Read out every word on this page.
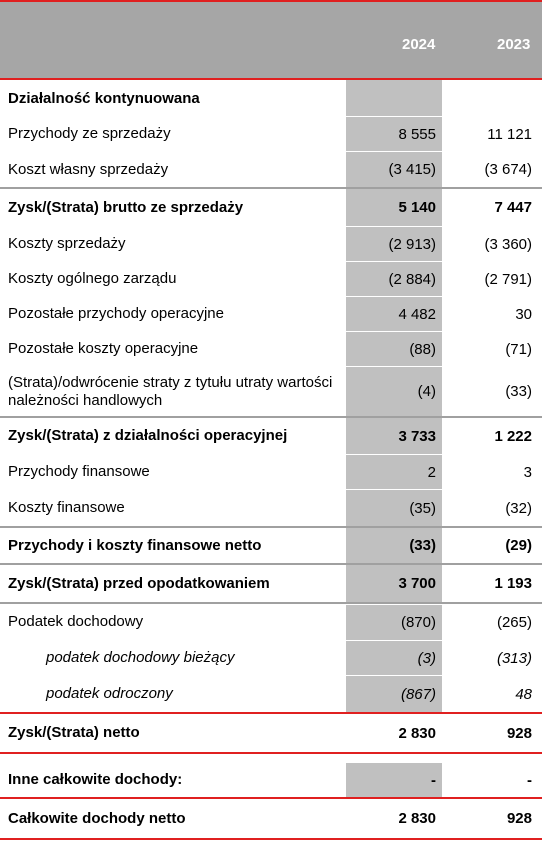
2024	2023
Działalność kontynuowana
Przychody ze sprzedaży	8 555	11 121
Koszt własny sprzedaży	(3 415)	(3 674)
Zysk/(Strata) brutto ze sprzedaży	5 140	7 447
Koszty sprzedaży	(2 913)	(3 360)
Koszty ogólnego zarządu	(2 884)	(2 791)
Pozostałe przychody operacyjne	4 482	30
Pozostałe koszty operacyjne	(88)	(71)
(Strata)/odwrócenie straty z tytułu utraty wartości należności handlowych	(4)	(33)
Zysk/(Strata) z działalności operacyjnej	3 733	1 222
Przychody finansowe	2	3
Koszty finansowe	(35)	(32)
Przychody i koszty finansowe netto	(33)	(29)
Zysk/(Strata) przed opodatkowaniem	3 700	1 193
Podatek dochodowy	(870)	(265)
podatek dochodowy bieżący	(3)	(313)
podatek odroczony	(867)	48
Zysk/(Strata) netto	2 830	928
Inne całkowite dochody:	-	-
Całkowite dochody netto	2 830	928
